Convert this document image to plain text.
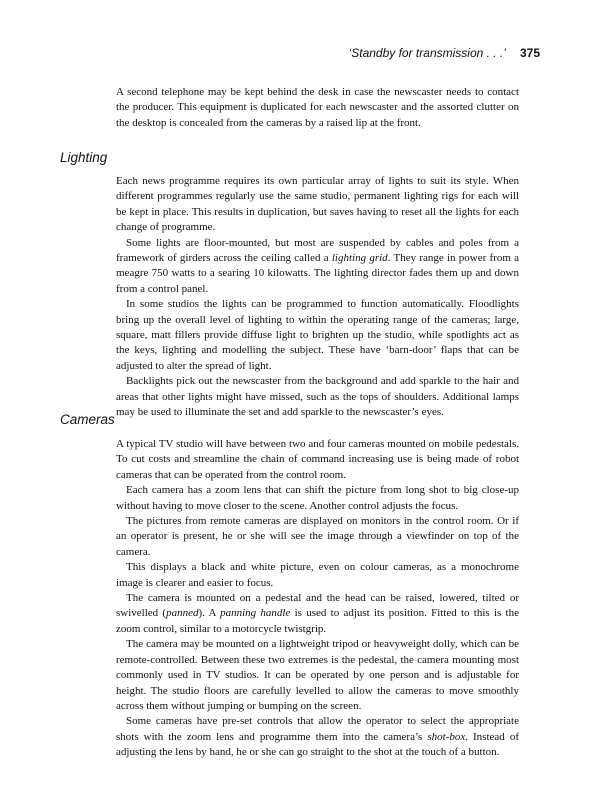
‘Standby for transmission . . .’ 375

A second telephone may be kept behind the desk in case the newscaster needs to contact the producer. This equipment is duplicated for each newscaster and the assorted clutter on the desktop is concealed from the cameras by a raised lip at the front.

Lighting

Each news programme requires its own particular array of lights to suit its style. When different programmes regularly use the same studio, permanent lighting rigs for each will be kept in place. This results in duplication, but saves having to reset all the lights for each change of programme.

Some lights are floor-mounted, but most are suspended by cables and poles from a framework of girders across the ceiling called a lighting grid. They range in power from a meagre 750 watts to a searing 10 kilowatts. The lighting director fades them up and down from a control panel.

In some studios the lights can be programmed to function automatically. Floodlights bring up the overall level of lighting to within the operating range of the cameras; large, square, matt fillers provide diffuse light to brighten up the studio, while spotlights act as the keys, lighting and modelling the subject. These have ‘barn-door’ flaps that can be adjusted to alter the spread of light.

Backlights pick out the newscaster from the background and add sparkle to the hair and areas that other lights might have missed, such as the tops of shoulders. Additional lamps may be used to illuminate the set and add sparkle to the newscaster’s eyes.

Cameras

A typical TV studio will have between two and four cameras mounted on mobile pedestals. To cut costs and streamline the chain of command increasing use is being made of robot cameras that can be operated from the control room.

Each camera has a zoom lens that can shift the picture from long shot to big close-up without having to move closer to the scene. Another control adjusts the focus.

The pictures from remote cameras are displayed on monitors in the control room. Or if an operator is present, he or she will see the image through a viewfinder on top of the camera.

This displays a black and white picture, even on colour cameras, as a monochrome image is clearer and easier to focus.

The camera is mounted on a pedestal and the head can be raised, lowered, tilted or swivelled (panned). A panning handle is used to adjust its position. Fitted to this is the zoom control, similar to a motorcycle twistgrip.

The camera may be mounted on a lightweight tripod or heavyweight dolly, which can be remote-controlled. Between these two extremes is the pedestal, the camera mounting most commonly used in TV studios. It can be operated by one person and is adjustable for height. The studio floors are carefully levelled to allow the cameras to move smoothly across them without jumping or bumping on the screen.

Some cameras have pre-set controls that allow the operator to select the appropriate shots with the zoom lens and programme them into the camera’s shot-box. Instead of adjusting the lens by hand, he or she can go straight to the shot at the touch of a button.
